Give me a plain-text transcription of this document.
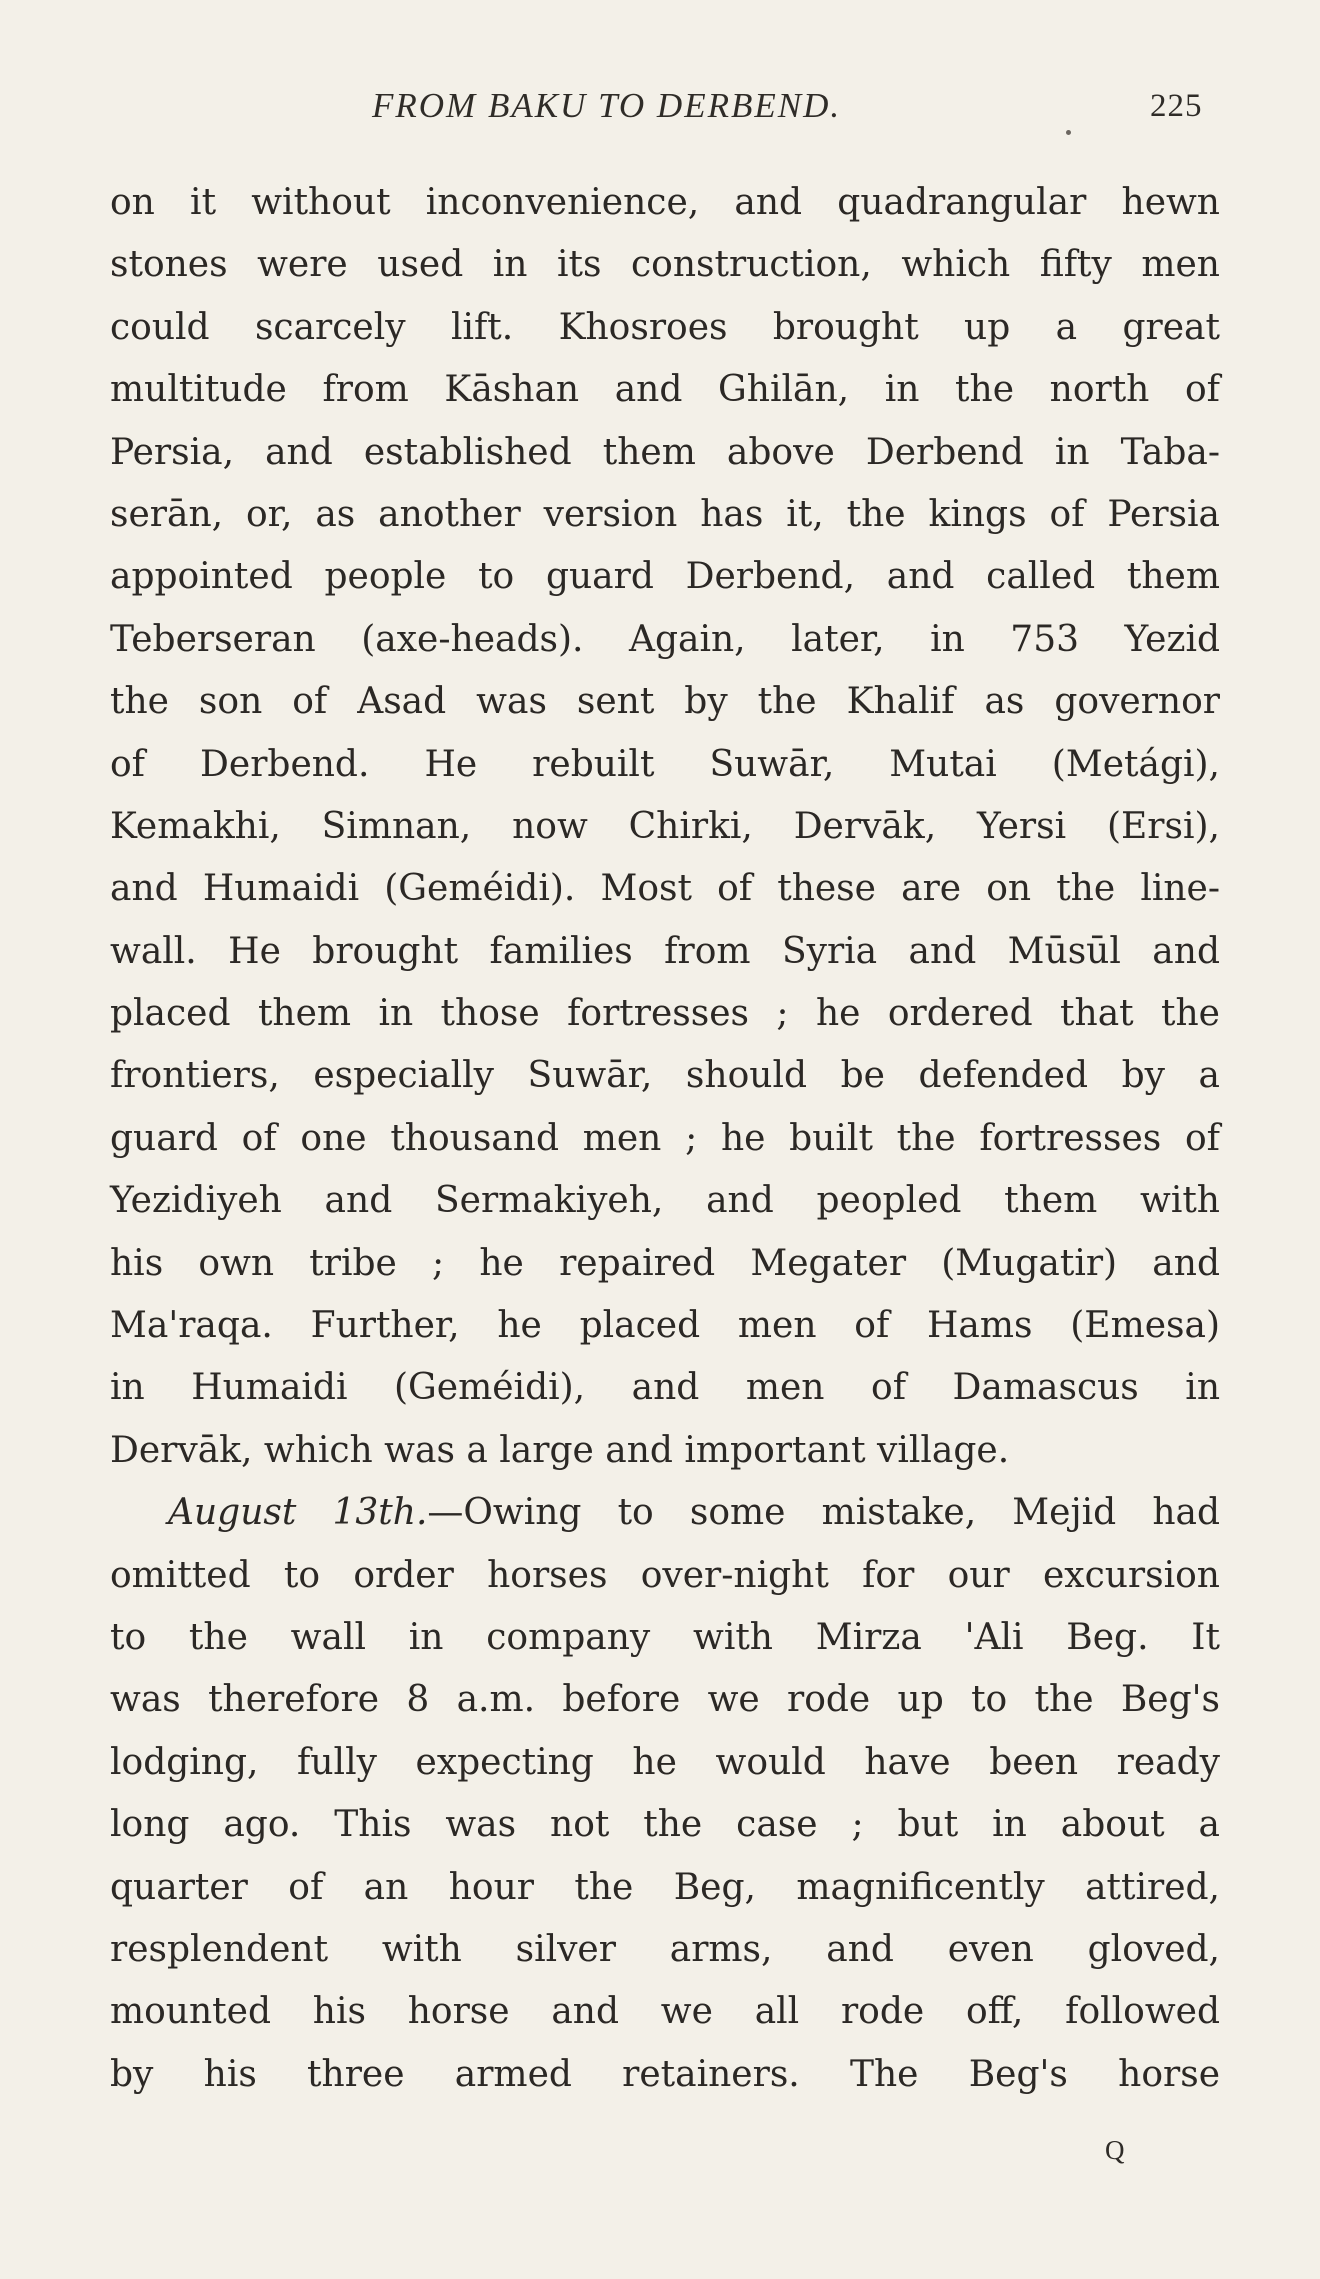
FROM BAKU TO DERBEND.	225
on it without inconvenience, and quadrangular hewn
stones were used in its construction, which fifty men
could scarcely lift. Khosroes brought up a great
multitude from Kāshan and Ghilān, in the north of
Persia, and established them above Derbend in Taba-
serān, or, as another version has it, the kings of Persia
appointed people to guard Derbend, and called them
Teberseran (axe-heads). Again, later, in 753 Yezid
the son of Asad was sent by the Khalif as governor
of Derbend. He rebuilt Suwār, Mutai (Metági),
Kemakhi, Simnan, now Chirki, Dervāk, Yersi (Ersi),
and Humaidi (Geméidi). Most of these are on the line-
wall. He brought families from Syria and Mūsūl and
placed them in those fortresses ; he ordered that the
frontiers, especially Suwār, should be defended by a
guard of one thousand men ; he built the fortresses of
Yezidiyeh and Sermakiyeh, and peopled them with
his own tribe ; he repaired Megater (Mugatir) and
Ma'raqa. Further, he placed men of Hams (Emesa)
in Humaidi (Geméidi), and men of Damascus in
Dervāk, which was a large and important village.
August 13th.—Owing to some mistake, Mejid had
omitted to order horses over-night for our excursion
to the wall in company with Mirza 'Ali Beg. It
was therefore 8 a.m. before we rode up to the Beg's
lodging, fully expecting he would have been ready
long ago. This was not the case ; but in about a
quarter of an hour the Beg, magnificently attired,
resplendent with silver arms, and even gloved,
mounted his horse and we all rode off, followed
by his three armed retainers. The Beg's horse
Q
